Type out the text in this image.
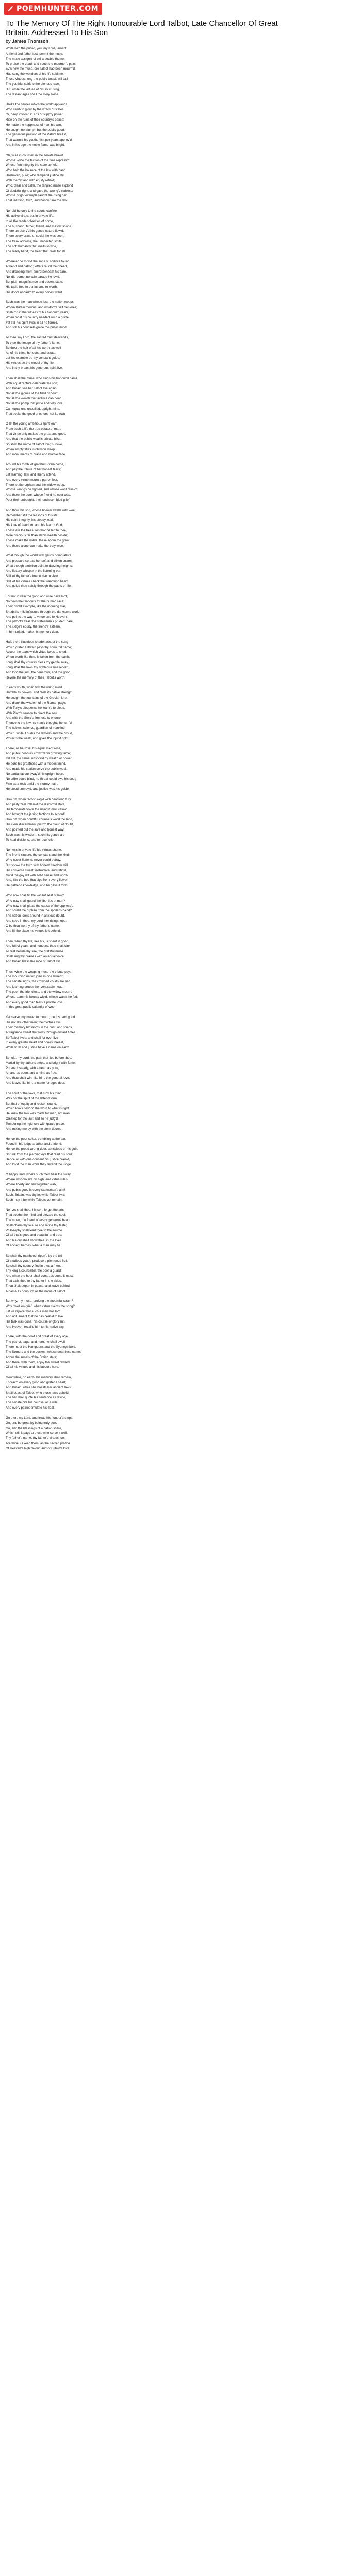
POEMHUNTER.COM
To The Memory Of The Right Honourable Lord Talbot, Late Chancellor Of Great Britain. Addressed To His Son
by James Thomson
While with the public, you, my Lord, lament
A friend and father lost; permit the muse,
The muse assign'd of old a double theme,
To praise the dead, and sooth the mourner's pain;
Ev'n now the muse, ere Talbot had been mourn'd,
Had sung the wonders of his life sublime.
Those virtues, long the public boast, will call
The youthful spirit to the glorious race,
But, while the virtues of his soul I sing,
The distant ages shall the story bless.
Unlike the heroes which the world applauds,
Who climb to glory by the wreck of states,
Or, deep involv'd in arts of slipp'ry power,
Rise on the ruins of their country's peace;
He made the happiness of man his aim,
He sought no triumph but the public good:
The generous passion of the Patriot breast,
That warm'd his youth, his riper years approv'd,
And in his age the noble flame was bright.
Oh, wise in counsel! in the senate brave!
Whose voice the faction of the time repress'd,
Whose firm integrity the state upheld;
Who held the balance of the law with hand
Unshaken, pure; who temper'd justice still
With mercy, and with equity refin'd;
Who, clear and calm, the tangled maze explor'd
Of doubtful right, and gave the wrong'd redress;
Whose bright example taught the rising bar
That learning, truth, and honour are the law.
Nor did he only to the courts confine
His active virtue; but in private life,
In all the tender charities of home,
The husband, father, friend, and master shone.
There unreserv'd his gentle nature flow'd,
There every grace of social life was seen,
The frank address, the unaffected smile,
The soft humanity that melts to woe,
The ready hand, the heart that feels for all.
Where'er he mov'd the sons of science found
A friend and patron; letters rais'd their head,
And drooping merit smil'd beneath his care.
No idle pomp, no vain parade he lov'd,
But plain magnificence and decent state;
His table free to genius and to worth,
His doors unbarr'd to every honest want.
Such was the man whose loss the nation weeps,
Whom Britain mourns, and wisdom's self deplores;
Snatch'd in the fulness of his honour'd years,
When most his country needed such a guide.
Yet still his spirit lives in all he form'd,
And still his counsels guide the public mind.
To thee, my Lord, the sacred trust descends,
To thee the image of thy father's fame;
Be thou the heir of all his worth, as well
As of his titles, honours, and estate.
Let his example be thy constant guide,
His virtues be the model of thy life,
And in thy breast his generous spirit live.
Then shall the muse, who sings his honour'd name,
With equal rapture celebrate the son,
And Britain see her Talbot live again.
Not all the glories of the field or court,
Not all the wealth that avarice can heap,
Not all the pomp that pride and folly love,
Can equal one unsullied, upright mind,
That seeks the good of others, not its own.
O let the young ambitious spirit learn
From such a life the true estate of man;
That virtue only makes the great and good,
And that the public weal is private bliss.
So shall the name of Talbot long survive,
When empty titles in oblivion sleep,
And monuments of brass and marble fade.
Around his tomb let grateful Britain come,
And pay the tribute of her honest tears;
Let learning, law, and liberty attend,
And every virtue mourn a patron lost.
There let the orphan and the widow weep,
Whose wrongs he righted, and whose want reliev'd;
And there the poor, whose friend he ever was,
Pour their unbought, their undissembled grief.
And thou, his son, whose bosom swells with woe,
Remember still the lessons of his life;
His calm integrity, his steady zeal,
His love of freedom, and his fear of God.
These are the treasures that he left to thee,
More precious far than all his wealth beside;
These make the noble, these adorn the great,
And these alone can make the truly wise.
What though the world with gaudy pomp allure,
And pleasure spread her soft and silken snares;
What though ambition point to dazzling heights,
And flattery whisper in the listening ear;
Still let thy father's image rise to view,
Still let his virtues check the wand'ring heart,
And guide thee safely through the paths of life.
For not in vain the good and wise have liv'd,
Not vain their labours for the human race;
Their bright example, like the morning star,
Sheds its mild influence through the darksome world,
And points the way to virtue and to Heaven.
The patriot's zeal, the statesman's prudent care,
The judge's equity, the friend's esteem,
In him united, make his memory dear.
Hail, then, illustrious shade! accept the song
Which grateful Britain pays thy honour'd name;
Accept the tears which virtue loves to shed,
When worth like thine is taken from the earth.
Long shall thy country bless thy gentle sway,
Long shall the laws thy righteous rule record,
And long the just, the generous, and the good,
Revere the memory of their Talbot's worth.
In early youth, when first the rising mind
Unfolds its powers, and feels its native strength,
He sought the fountains of the Grecian lore,
And drank the wisdom of the Roman page;
With Tully's eloquence he learn'd to plead,
With Plato's reason to direct the soul,
And with the Stoic's firmness to endure.
Thence to the law his manly thoughts he turn'd,
The noblest science, guardian of mankind;
Which, while it curbs the lawless and the proud,
Protects the weak, and gives the injur'd right.
There, as he rose, his equal merit rose,
And public honours crown'd his growing fame;
Yet still the same, unspoil'd by wealth or power,
He bore his greatness with a modest mind,
And made his station serve the public weal.
No partial favour sway'd his upright heart,
No bribe could blind, no threat could awe his soul;
Firm as a rock amid the stormy main,
He stood unmov'd, and justice was his guide.
How oft, when faction rag'd with headlong fury,
And party zeal inflam'd the discord'd state,
His temperate voice the rising tumult calm'd,
And brought the jarring factions to accord!
How oft, when doubtful counsels vex'd the land,
His clear discernment pierc'd the cloud of doubt,
And pointed out the safe and honest way!
Such was his wisdom, such his gentle art,
To heal divisions, and to reconcile.
Nor less in private life his virtues shone,
The friend sincere, the constant and the kind;
Who never flatter'd, never could betray,
But spoke the truth with honest freedom still.
His converse sweet, instructive, and refin'd,
Mix'd the gay wit with solid sense and worth;
And, like the bee that sips from every flower,
He gather'd knowledge, and he gave it forth.
Who now shall fill the vacant seat of law?
Who now shall guard the liberties of man?
Who now shall plead the cause of the oppress'd,
And shield the orphan from the spoiler's hand?
The nation looks around in anxious doubt,
And sees in thee, my Lord, her rising hope;
O be thou worthy of thy father's name,
And fill the place his virtues left behind.
Then, when thy life, like his, is spent in good,
And full of years, and honours, thou shalt sink
To rest beside thy sire, the grateful muse
Shall sing thy praises with an equal voice,
And Britain bless the race of Talbot still.
Thus, while the weeping muse the tribute pays,
The mourning nation joins in one lament;
The senate sighs, the crowded courts are sad,
And learning droops her venerable head.
The poor, the friendless, and the widow mourn,
Whose tears his bounty wip'd, whose wants he fed;
And every good man feels a private loss
In this great public calamity of woe.
Yet cease, my muse, to mourn; the just and good
Die not like other men; their virtues live,
Their memory blossoms in the dust, and sheds
A fragrance sweet that lasts through distant times.
So Talbot lives; and shall for ever live
In every grateful heart and honest breast,
While truth and justice have a name on earth.
Behold, my Lord, the path that lies before thee,
Mark'd by thy father's steps, and bright with fame;
Pursue it steady, with a heart as pure,
A hand as open, and a mind as free;
And thou shalt win, like him, the general love,
And leave, like him, a name for ages dear.
The spirit of the laws, that rul'd his mind,
Was not the spirit of the letter'd form,
But that of equity and reason sound,
Which looks beyond the word to what is right.
He knew the law was made for man, not man
Created for the law; and so he judg'd,
Tempering the rigid rule with gentle grace,
And mixing mercy with the stern decree.
Hence the poor suitor, trembling at the bar,
Found in his judge a father and a friend;
Hence the proud wrong-doer, conscious of his guilt,
Shrunk from the piercing eye that read his soul;
Hence all with one consent his justice prais'd,
And lov'd the man while they rever'd the judge.
O happy land, where such men bear the sway!
Where wisdom sits on high, and virtue rules!
Where liberty and law together walk,
And public good is every statesman's aim!
Such, Britain, was thy lot while Talbot liv'd;
Such may it be while Talbots yet remain.
Nor yet shall thou, his son, forget the arts
That soothe the mind and elevate the soul;
The muse, the friend of every generous heart,
Shall charm thy leisure and refine thy taste;
Philosophy shall lead thee to the source
Of all that's good and beautiful and true;
And history shall show thee, in the lives
Of ancient heroes, what a man may be.
So shall thy manhood, ripen'd by the toil
Of studious youth, produce a plenteous fruit;
So shall thy country find in thee a friend,
Thy king a counsellor, the poor a guard;
And when the hour shall come, as come it must,
That calls thee to thy father in the skies,
Thou shalt depart in peace, and leave behind
A name as honour'd as the name of Talbot.
But why, my muse, prolong the mournful strain?
Why dwell on grief, when virtue claims the song?
Let us rejoice that such a man has liv'd,
And not lament that he has ceas'd to live.
His task was done, his course of glory run,
And Heaven recall'd him to his native sky.
There, with the good and great of every age,
The patriot, sage, and hero, he shall dwell;
There meet the Hampdens and the Sydneys bold,
The Somers and the Lockes, whose deathless names
Adorn the annals of the British state;
And there, with them, enjoy the sweet reward
Of all his virtues and his labours here.
Meanwhile, on earth, his memory shall remain,
Engrav'd on every good and grateful heart;
And Britain, while she boasts her ancient laws,
Shall boast of Talbot, who those laws upheld.
The bar shall quote his sentence as divine,
The senate cite his counsel as a rule,
And every patriot emulate his zeal.
Go then, my Lord, and tread his honour'd steps;
Go, and be great by being truly good;
Go, and the blessings of a nation share,
Which still it pays to those who serve it well.
Thy father's name, thy father's virtues too,
Are thine; O keep them, as the sacred pledge
Of Heaven's high favour, and of Britain's love.
